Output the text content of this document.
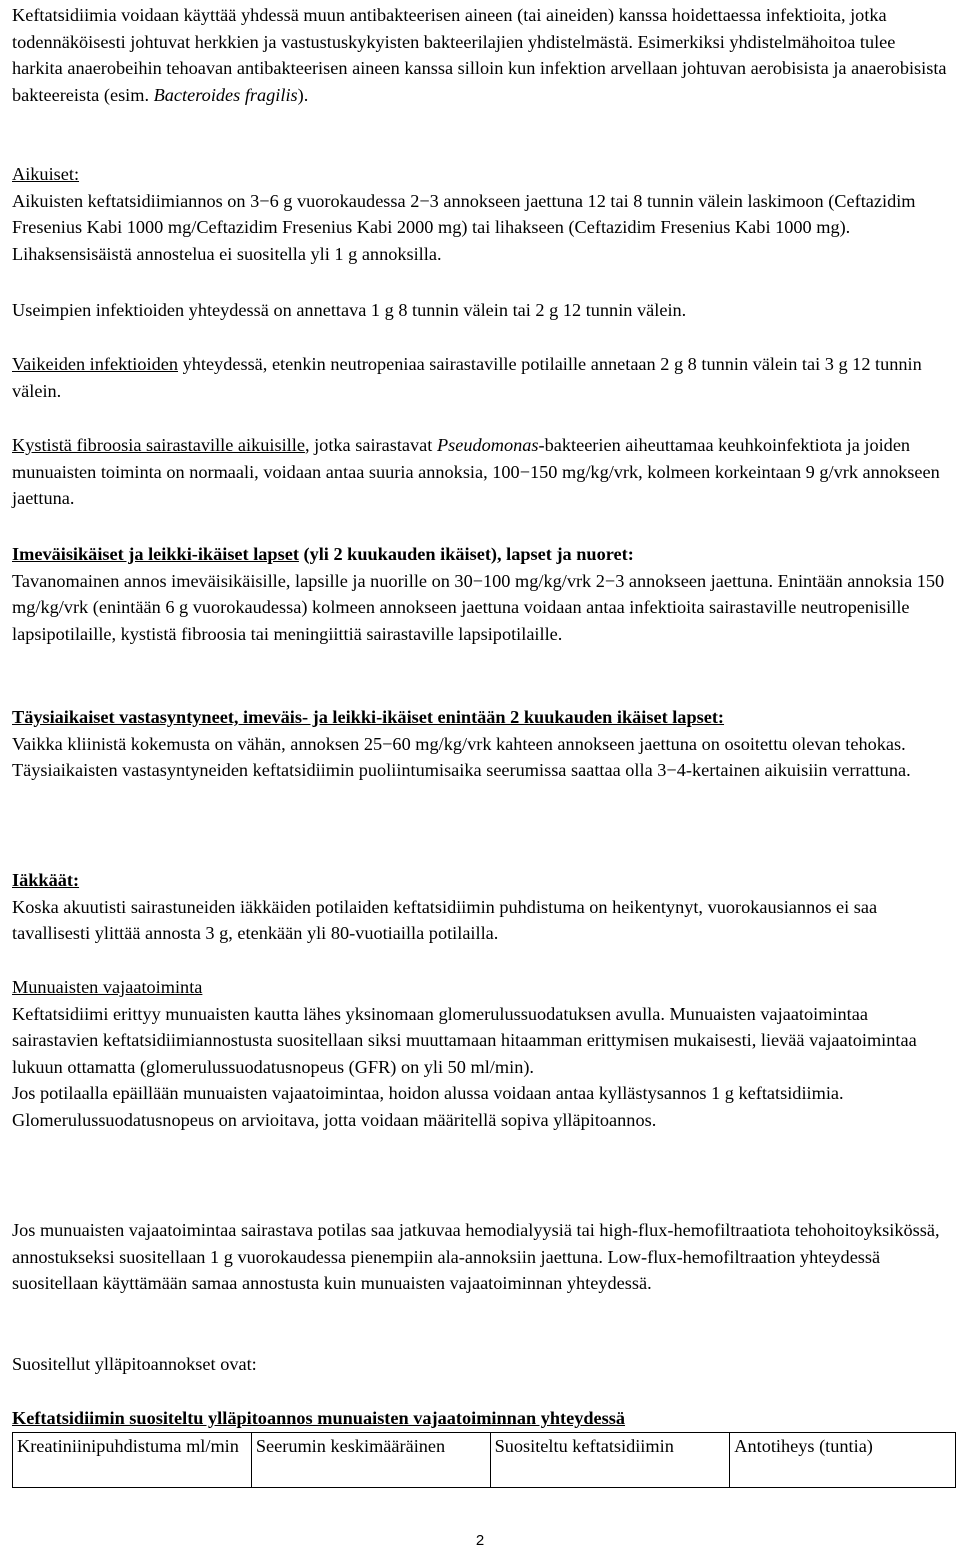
Keftatsidiimia voidaan käyttää yhdessä muun antibakteerisen aineen (tai aineiden) kanssa hoidettaessa infektioita, jotka todennäköisesti johtuvat herkkien ja vastustuskykyisten bakteerilajien yhdistelmästä. Esimerkiksi yhdistelmähoitoa tulee harkita anaerobeihin tehoavan antibakteerisen aineen kanssa silloin kun infektion arvellaan johtuvan aerobisista ja anaerobisista bakteereista (esim. Bacteroides fragilis).

Aikuiset:

Aikuisten keftatsidiimiannos on 3−6 g vuorokaudessa 2−3 annokseen jaettuna 12 tai 8 tunnin välein laskimoon (Ceftazidim Fresenius Kabi 1000 mg/Ceftazidim Fresenius Kabi 2000 mg) tai lihakseen (Ceftazidim Fresenius Kabi 1000 mg). Lihaksensisäistä annostelua ei suositella yli 1 g annoksilla.

Useimpien infektioiden yhteydessä on annettava 1 g 8 tunnin välein tai 2 g 12 tunnin välein.

Vaikeiden infektioiden yhteydessä, etenkin neutropeniaa sairastaville potilaille annetaan 2 g 8 tunnin välein tai 3 g 12 tunnin välein.

Kystistä fibroosia sairastaville aikuisille, jotka sairastavat Pseudomonas-bakteerien aiheuttamaa keuhkoinfektiota ja joiden munuaisten toiminta on normaali, voidaan antaa suuria annoksia, 100−150 mg/kg/vrk, kolmeen korkeintaan 9 g/vrk annokseen jaettuna.

Imeväisikäiset ja leikki-ikäiset lapset (yli 2 kuukauden ikäiset), lapset ja nuoret:

Tavanomainen annos imeväisikäisille, lapsille ja nuorille on 30−100 mg/kg/vrk 2−3 annokseen jaettuna. Enintään annoksia 150 mg/kg/vrk (enintään 6 g vuorokaudessa) kolmeen annokseen jaettuna voidaan antaa infektioita sairastaville neutropenisille lapsipotilaille, kystistä fibroosia tai meningiittiä sairastaville lapsipotilaille.

Täysiaikaiset vastasyntyneet, imeväis- ja leikki-ikäiset enintään 2 kuukauden ikäiset lapset:

Vaikka kliinistä kokemusta on vähän, annoksen 25−60 mg/kg/vrk kahteen annokseen jaettuna on osoitettu olevan tehokas.

Täysiaikaisten vastasyntyneiden keftatsidiimin puoliintumisaika seerumissa saattaa olla 3−4-kertainen aikuisiin verrattuna.

Iäkkäät:

Koska akuutisti sairastuneiden iäkkäiden potilaiden keftatsidiimin puhdistuma on heikentynyt, vuorokausiannos ei saa tavallisesti ylittää annosta 3 g, etenkään yli 80-vuotiailla potilailla.

Munuaisten vajaatoiminta

Keftatsidiimi erittyy munuaisten kautta lähes yksinomaan glomerulussuodatuksen avulla. Munuaisten vajaatoimintaa sairastavien keftatsidiimiannostusta suositellaan siksi muuttamaan hitaamman erittymisen mukaisesti, lievää vajaatoimintaa lukuun ottamatta (glomerulussuodatusnopeus (GFR) on yli 50 ml/min).

Jos potilaalla epäillään munuaisten vajaatoimintaa, hoidon alussa voidaan antaa kyllästysannos 1 g keftatsidiimia.

Glomerulussuodatusnopeus on arvioitava, jotta voidaan määritellä sopiva ylläpitoannos.

Jos munuaisten vajaatoimintaa sairastava potilas saa jatkuvaa hemodialyysiä tai high-flux-hemofiltraatiota tehohoitoyksikössä, annostukseksi suositellaan 1 g vuorokaudessa pienempiin ala-annoksiin jaettuna. Low-flux-hemofiltraation yhteydessä suositellaan käyttämään samaa annostusta kuin munuaisten vajaatoiminnan yhteydessä.

Suositellut ylläpitoannokset ovat:

Keftatsidiimin suositeltu ylläpitoannos munuaisten vajaatoiminnan yhteydessä

Kreatiniinipuhdistuma ml/min	Seerumin keskimääräinen	Suositeltu keftatsidiimin	Antotiheys (tuntia)
2
